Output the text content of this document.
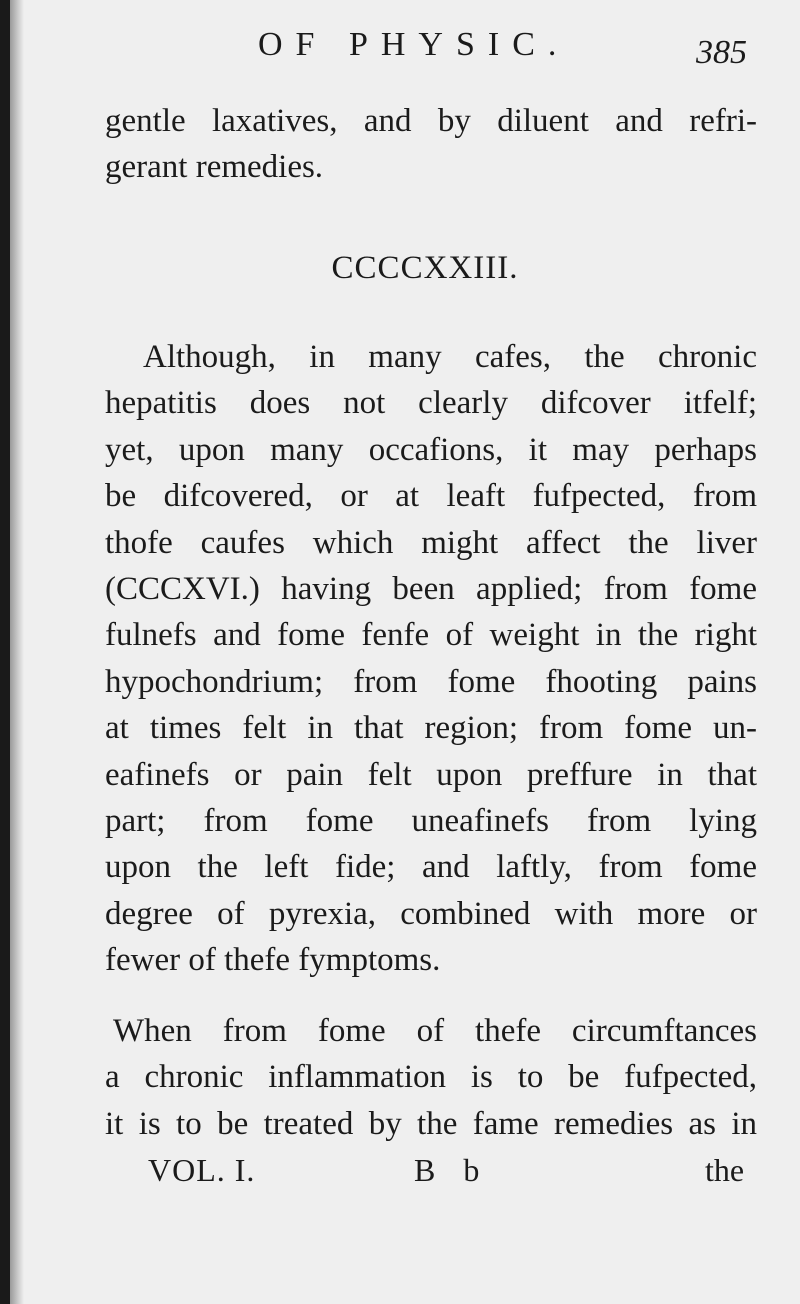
OF PHYSIC.	385
gentle laxatives, and by diluent and refri-
gerant remedies.
CCCCXXIII.
Although, in many cafes, the chronic
hepatitis does not clearly difcover itfelf;
yet, upon many occafions, it may perhaps
be difcovered, or at leaft fufpected, from
thofe caufes which might affect the liver
(CCCXVI.) having been applied; from fome
fulnefs and fome fenfe of weight in the right
hypochondrium; from fome fhooting pains
at times felt in that region; from fome un-
eafinefs or pain felt upon preffure in that
part; from fome uneafinefs from lying
upon the left fide; and laftly, from fome
degree of pyrexia, combined with more or
fewer of thefe fymptoms.
When from fome of thefe circumftances
a chronic inflammation is to be fufpected,
it is to be treated by the fame remedies as in
VOL. I.	B b	the
